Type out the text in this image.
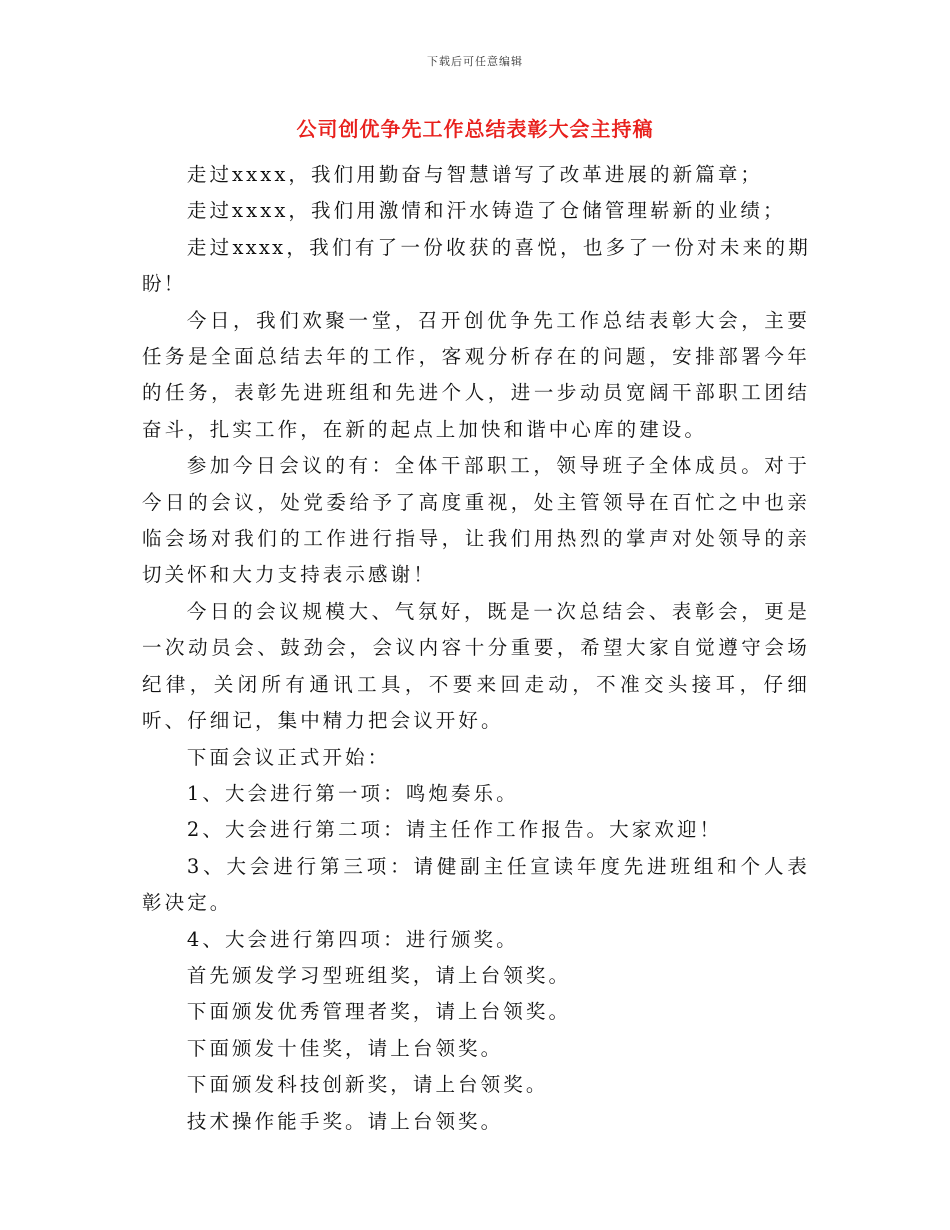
下载后可任意编辑
公司创优争先工作总结表彰大会主持稿

走过xxxx，我们用勤奋与智慧谱写了改革进展的新篇章；

走过xxxx，我们用激情和汗水铸造了仓储管理崭新的业绩；

走过xxxx，我们有了一份收获的喜悦，也多了一份对未来的期盼！

今日，我们欢聚一堂，召开创优争先工作总结表彰大会，主要任务是全面总结去年的工作，客观分析存在的问题，安排部署今年的任务，表彰先进班组和先进个人，进一步动员宽阔干部职工团结奋斗，扎实工作，在新的起点上加快和谐中心库的建设。

参加今日会议的有：全体干部职工，领导班子全体成员。对于今日的会议，处党委给予了高度重视，处主管领导在百忙之中也亲临会场对我们的工作进行指导，让我们用热烈的掌声对处领导的亲切关怀和大力支持表示感谢！

今日的会议规模大、气氛好，既是一次总结会、表彰会，更是一次动员会、鼓劲会，会议内容十分重要，希望大家自觉遵守会场纪律，关闭所有通讯工具，不要来回走动，不准交头接耳，仔细听、仔细记，集中精力把会议开好。

下面会议正式开始：

1、大会进行第一项：鸣炮奏乐。

2、大会进行第二项：请主任作工作报告。大家欢迎！

3、大会进行第三项：请健副主任宣读年度先进班组和个人表彰决定。

4、大会进行第四项：进行颁奖。

首先颁发学习型班组奖，请上台领奖。

下面颁发优秀管理者奖，请上台领奖。

下面颁发十佳奖，请上台领奖。

下面颁发科技创新奖，请上台领奖。

技术操作能手奖。请上台领奖。
